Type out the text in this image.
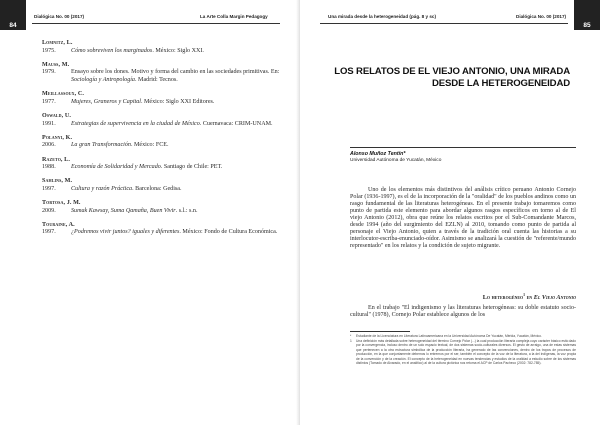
84
Dialógica No. 00 (2017)	La Arte Colla Margin Pedagogy
Lomnitz, L.
1975.	Cómo sobreviven los marginados. México: Siglo XXI.
Mauss, M.
1979.	Ensayo sobre los dones. Motivo y forma del cambio en las sociedades primitivas. En: Sociología y Antropología. Madrid: Tecnos.
Meillassoux, C.
1977.	Mujeres, Graneros y Capital. México: Siglo XXI Editores.
Oswald, U.
1991.	Estrategias de supervivencia en la ciudad de México. Cuernavaca: CRIM-UNAM.
Polanyi, K.
2006.	La gran Transformación. México: FCE.
Razeto, L.
1988.	Economía de Solidaridad y Mercado. Santiago de Chile: PET.
Sahlins, M.
1997.	Cultura y razón Práctica. Barcelona: Gedisa.
Tortosa, J. M.
2009.	Sumak Kawsay, Suma Qamaña, Buen Vivir. s.l.: s.n.
Touraine, A.
1997.	¿Podremos vivir juntos? iguales y diferentes. México: Fondo de Cultura Económica.
Una mirada desde la heterogeneidad (pág. 8 y sc)	Dialógica No. 00 (2017)
85
LOS RELATOS DE EL VIEJO ANTONIO, UNA MIRADA
DESDE LA HETEROGENEIDAD
Alonso Muñoz Tentín*
Universidad Autónoma de Yucatán, México

Uno de los elementos más distintivos del análisis crítico peruano Antonio Cornejo Polar (1936-1997), es el de la incorporación de la "oralidad" de los pueblos andinos como un rasgo fundamental de las literaturas heterogéneas. En el presente trabajo tomaremos como punto de partida este elemento para abordar algunos rasgos específicos en torno al de El viejo Antonio (2012), obra que reúne los relatos escritos por el Sub-Comandante Marcos, desde 1994 (año del surgimiento del EZLN) al 2010, tomando como punto de partida al personaje el Viejo Antonio, quien a través de la tradición oral cuenta las historias a su interlocutor-escriba-enunciado-oídor. Asimismo se analizará la cuestión de "referente/mundo representado" en los relatos y la condición de sujeto migrante.

Lo heterogéneo$^1$ en El Viejo Antonio

En el trabajo "El indigenismo y las literaturas heterogéneas: su doble estatuto socio-cultural" (1978), Cornejo Polar establece algunos de los

*	Estudiante de la Licenciatura en Literatura Latinoamericana en la Universidad Autónoma De Yucatán, Mérida, Yucatán, México.
1	Una definición más detallada sobre heterogeneidad del término Cornejo Polar (...) la cual producción literaria compleja cuyo carácter básico está dado por la convergencia, incluso dentro de un solo espacio textual, de dos sistemas socio-culturales diversos. El gesto de arraigo, una de estas sistemas que pertenecen a la otra estructura simbólica de la producción literaria, ha generado de las convenciones, dentro de los tropos de procesos de producción, en la que conjuntamente debemos lo entremos por el ser, también el concepto de la voz de la literatura, a la del indígenas, la voz propia de la convención y de la creación. El concepto de la heterogeneidad en nuevas tendencias y estudios de la oralidad a estudio sobre de los sistemas distintos (Tomado de Alvarado, en el analítico) al de la cultura pictórica nos retoma el ACP de Carlos Pacheco (2002: 782-785).
